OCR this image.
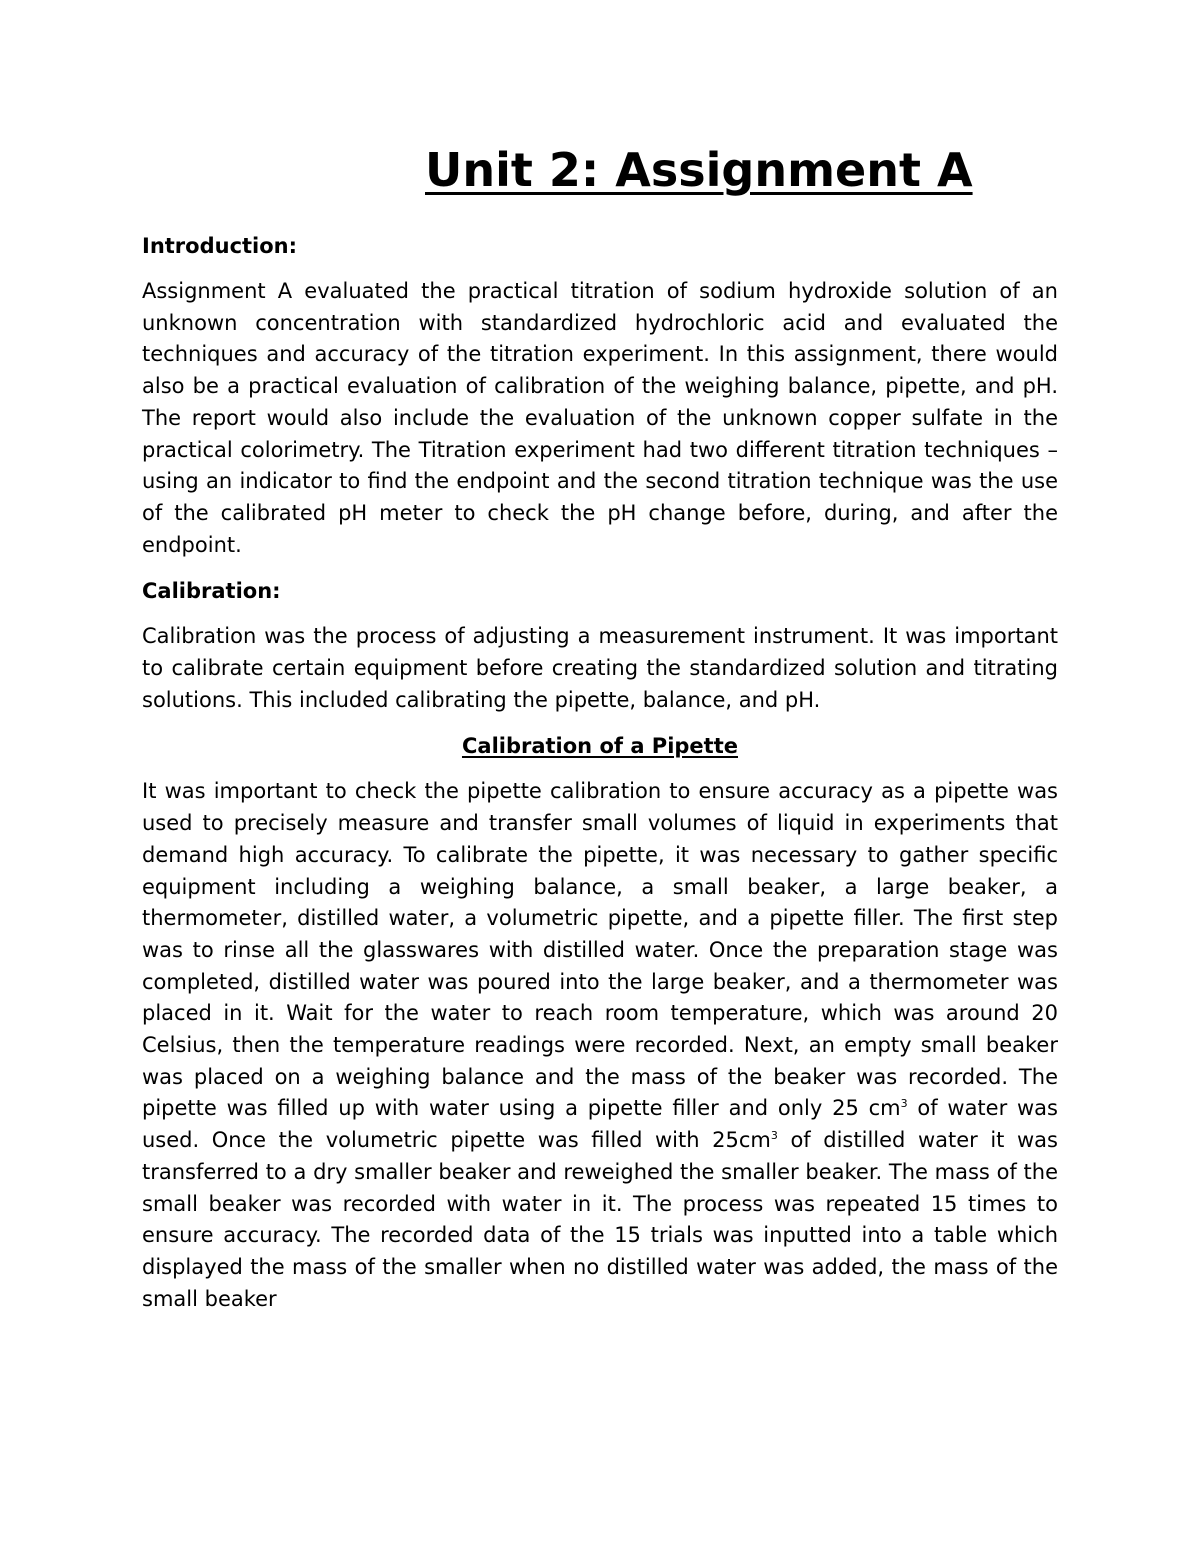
Unit 2: Assignment A
Introduction:

Assignment A evaluated the practical titration of sodium hydroxide solution of an unknown concentration with standardized hydrochloric acid and evaluated the techniques and accuracy of the titration experiment. In this assignment, there would also be a practical evaluation of calibration of the weighing balance, pipette, and pH. The report would also include the evaluation of the unknown copper sulfate in the practical colorimetry. The Titration experiment had two different titration techniques – using an indicator to find the endpoint and the second titration technique was the use of the calibrated pH meter to check the pH change before, during, and after the endpoint.

Calibration:

Calibration was the process of adjusting a measurement instrument. It was important to calibrate certain equipment before creating the standardized solution and titrating solutions. This included calibrating the pipette, balance, and pH.

Calibration of a Pipette

It was important to check the pipette calibration to ensure accuracy as a pipette was used to precisely measure and transfer small volumes of liquid in experiments that demand high accuracy. To calibrate the pipette, it was necessary to gather specific equipment including a weighing balance, a small beaker, a large beaker, a thermometer, distilled water, a volumetric pipette, and a pipette filler. The first step was to rinse all the glasswares with distilled water. Once the preparation stage was completed, distilled water was poured into the large beaker, and a thermometer was placed in it. Wait for the water to reach room temperature, which was around 20 Celsius, then the temperature readings were recorded. Next, an empty small beaker was placed on a weighing balance and the mass of the beaker was recorded. The pipette was filled up with water using a pipette filler and only 25 $cm^3$ of water was used. Once the volumetric pipette was filled with $25cm^3$ of distilled water it was transferred to a dry smaller beaker and reweighed the smaller beaker. The mass of the small beaker was recorded with water in it. The process was repeated 15 times to ensure accuracy. The recorded data of the 15 trials was inputted into a table which displayed the mass of the smaller when no distilled water was added, the mass of the small beaker
